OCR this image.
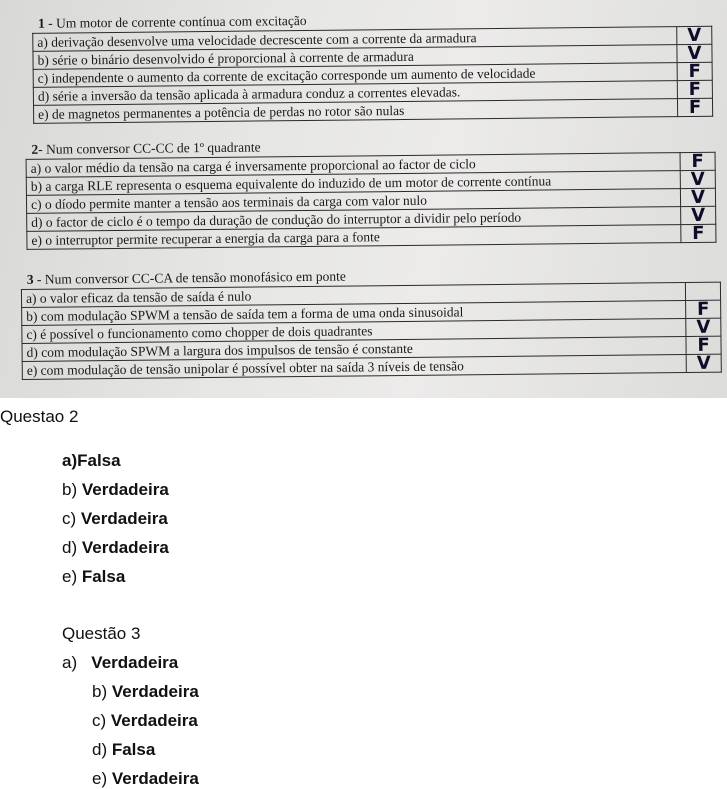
1 - Um motor de corrente contínua com excitação
a) derivação desenvolve uma velocidade decrescente com a corrente da armadura	V
b) série o binário desenvolvido é proporcional à corrente de armadura	V
c) independente o aumento da corrente de excitação corresponde um aumento de velocidade	F
d) série a inversão da tensão aplicada à armadura conduz a correntes elevadas.	F
e) de magnetos permanentes a potência de perdas no rotor são nulas	F
2- Num conversor CC-CC de 1º quadrante
a) o valor médio da tensão na carga é inversamente proporcional ao factor de ciclo	F
b) a carga RLE representa o esquema equivalente do induzido de um motor de corrente contínua	V
c) o díodo permite manter a tensão aos terminais da carga com valor nulo	V
d) o factor de ciclo é o tempo da duração de condução do interruptor a dividir pelo período	V
e) o interruptor permite recuperar a energia da carga para a fonte	F
3 - Num conversor CC-CA de tensão monofásico em ponte
a) o valor eficaz da tensão de saída é nulo	
b) com modulação SPWM a tensão de saída tem a forma de uma onda sinusoidal	F
c) é possível o funcionamento como chopper de dois quadrantes	V
d) com modulação SPWM a largura dos impulsos de tensão é constante	F
e) com modulação de tensão unipolar é possível obter na saída 3 níveis de tensão	V
Questao 2
a)Falsa
b) Verdadeira
c) Verdadeira
d) Verdadeira
e) Falsa
Questão 3
a)   Verdadeira
b) Verdadeira
c) Verdadeira
d) Falsa
e) Verdadeira
